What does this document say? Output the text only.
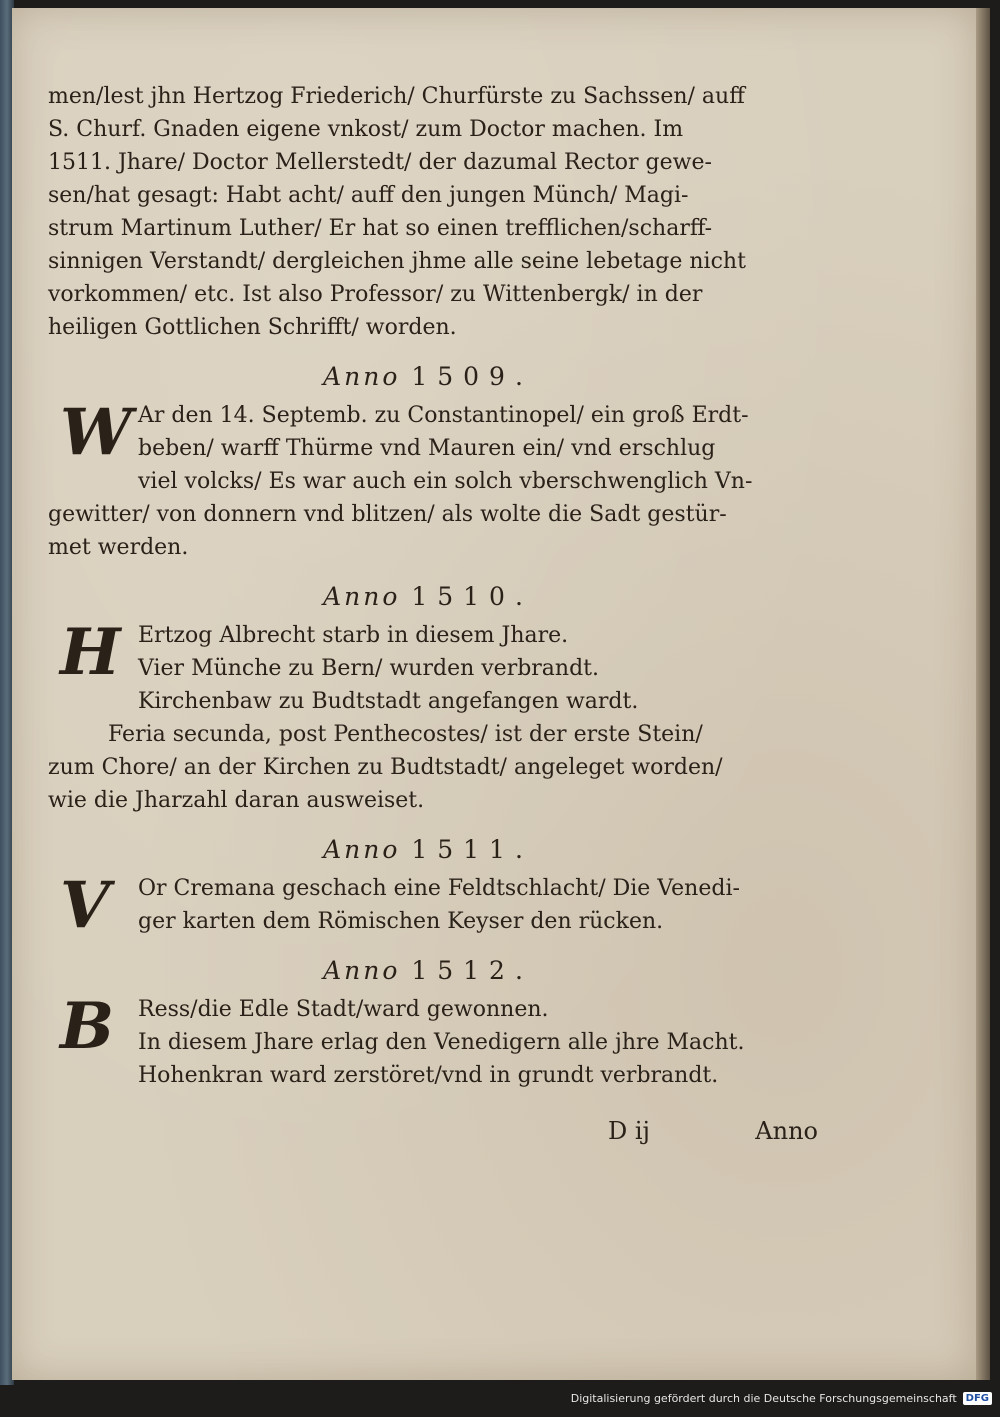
men/lest jhn Hertzog Friederich/ Churfürste zu Sachssen/ auff
S. Churf. Gnaden eigene vnkost/ zum Doctor machen. Im
1511. Jhare/ Doctor Mellerstedt/ der dazumal Rector gewe-
sen/hat gesagt: Habt acht/ auff den jungen Münch/ Magi-
strum Martinum Luther/ Er hat so einen trefflichen/scharff-
sinnigen Verstandt/ dergleichen jhme alle seine lebetage nicht
vorkommen/ etc. Ist also Professor/ zu Wittenbergk/ in der
heiligen Gottlichen Schrifft/ worden.
Anno 1509.
W Ar den 14. Septemb. zu Constantinopel/ ein groß Erdt-
beben/ warff Thürme vnd Mauren ein/ vnd erschlug
viel volcks/ Es war auch ein solch vberschwenglich Vn-
gewitter/ von donnern vnd blitzen/ als wolte die Sadt gestür-
met werden.
Anno 1510.
H Ertzog Albrecht starb in diesem Jhare.
Vier Münche zu Bern/ wurden verbrandt.
Kirchenbaw zu Budtstadt angefangen wardt.
Feria secunda, post Penthecostes/ ist der erste Stein/
zum Chore/ an der Kirchen zu Budtstadt/ angeleget worden/
wie die Jharzahl daran ausweiset.
Anno 1511.
V Or Cremana geschach eine Feldtschlacht/ Die Venedi-
ger karten dem Römischen Keyser den rücken.
Anno 1512.
B Ress/die Edle Stadt/ward gewonnen.
In diesem Jhare erlag den Venedigern alle jhre Macht.
Hohenkran ward zerstöret/vnd in grundt verbrandt.
D ij	Anno
Digitalisierung gefördert durch die Deutsche Forschungsgemeinschaft DFG
